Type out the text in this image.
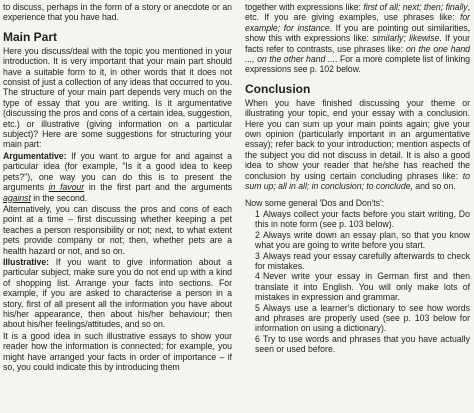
to discuss, perhaps in the form of a story or anecdote or an experience that you have had.

Main Part

Here you discuss/deal with the topic you mentioned in your introduction. It is very important that your main part should have a suitable form to it, in other words that it does not consist of just a collection of any ideas that occurred to you. The structure of your main part depends very much on the type of essay that you are writing. Is it argumentative (discussing the pros and cons of a certain idea, suggestion, etc.) or illustrative (giving information on a particular subject)? Here are some suggestions for structuring your main part:

Argumentative: If you want to argue for and against a particular idea (for example, "Is it a good idea to keep pets?"), one way you can do this is to present the arguments in favour in the first part and the arguments against in the second.

Alternatively, you can discuss the pros and cons of each point at a time – first discussing whether keeping a pet teaches a person responsibility or not; next, to what extent pets provide company or not; then, whether pets are a health hazard or not, and so on.

Illustrative: If you want to give information about a particular subject, make sure you do not end up with a kind of shopping list. Arrange your facts into sections. For example, if you are asked to characterise a person in a story, first of all present all the information you have about his/her appearance, then about his/her behaviour; then about his/her feelings/attitudes, and so on.

It is a good idea in such illustrative essays to show your reader how the information is connected; for example, you might have arranged your facts in order of importance – if so, you could indicate this by introducing them

together with expressions like: first of all; next; then; finally, etc. If you are giving examples, use phrases like: for example; for instance. If you are pointing out similarities, show this with expressions like: similarly; likewise. If your facts refer to contrasts, use phrases like: on the one hand ..., on the other hand .... For a more complete list of linking expressions see p. 102 below.

Conclusion

When you have finished discussing your theme or illustrating your topic, end your essay with a conclusion. Here you can sum up your main points again; give your own opinion (particularly important in an argumentative essay); refer back to your introduction; mention aspects of the subject you did not discuss in detail. It is also a good idea to show your reader that he/she has reached the conclusion by using certain concluding phrases like: to sum up; all in all; in conclusion; to conclude, and so on.

Now some general 'Dos and Don'ts':

1 Always collect your facts before you start writing. Do this in note form (see p. 103 below).
2 Always write down an essay plan, so that you know what you are going to write before you start.
3 Always read your essay carefully afterwards to check for mistakes.
4 Never write your essay in German first and then translate it into English. You will only make lots of mistakes in expression and grammar.
5 Always use a learner's dictionary to see how words and phrases are properly used (see p. 103 below for information on using a dictionary).
6 Try to use words and phrases that you have actually seen or used before.
